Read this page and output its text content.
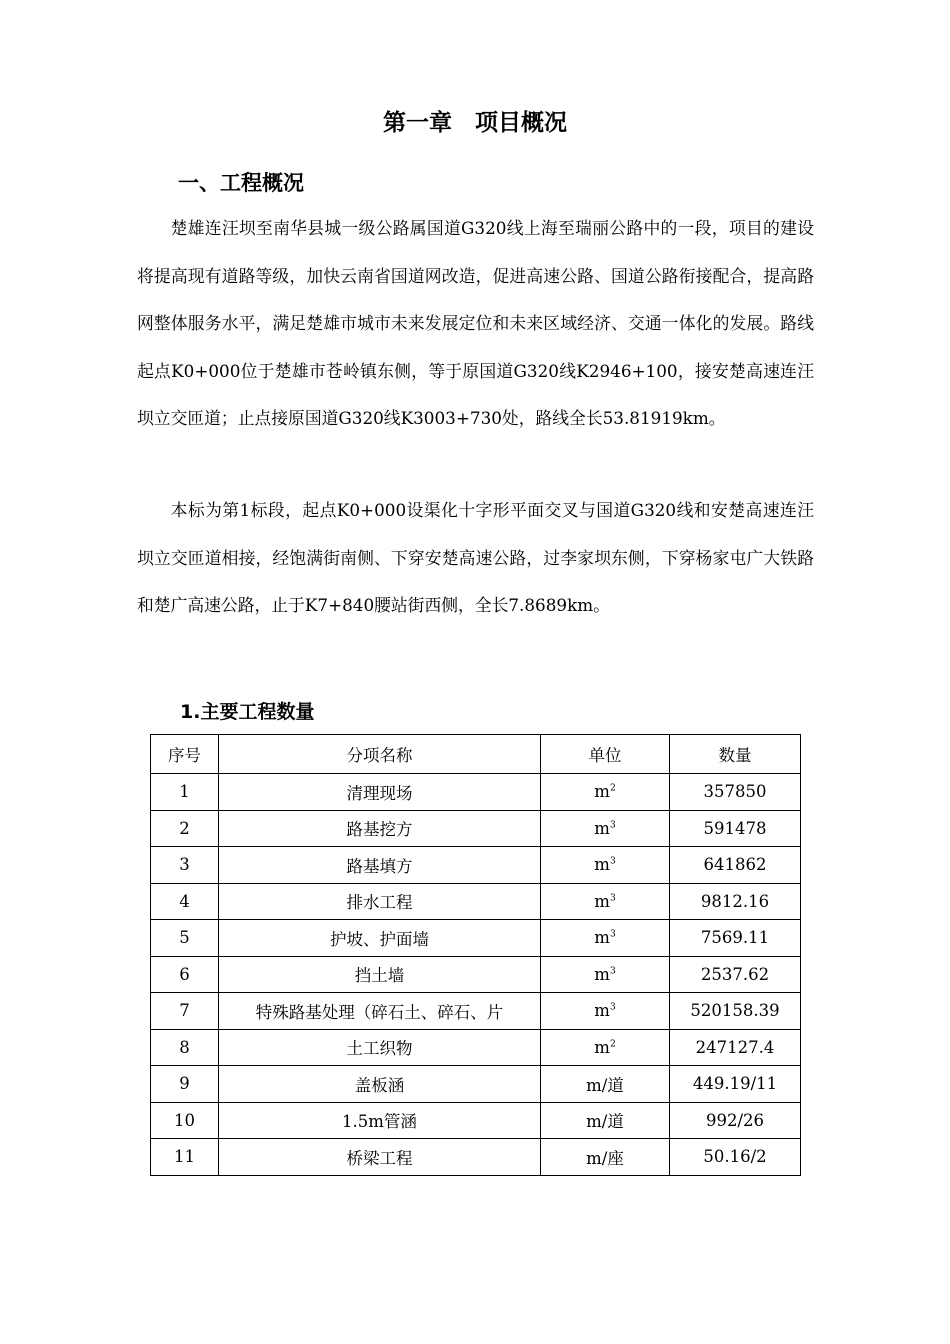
第一章　项目概况
一、工程概况

楚雄连汪坝至南华县城一级公路属国道G320线上海至瑞丽公路中的一段，项目的建设将提高现有道路等级，加快云南省国道网改造，促进高速公路、国道公路衔接配合，提高路网整体服务水平，满足楚雄市城市未来发展定位和未来区域经济、交通一体化的发展。路线起点K0+000位于楚雄市苍岭镇东侧，等于原国道G320线K2946+100，接安楚高速连汪坝立交匝道；止点接原国道G320线K3003+730处，路线全长53.81919km。

本标为第1标段，起点K0+000设渠化十字形平面交叉与国道G320线和安楚高速连汪坝立交匝道相接，经饱满街南侧、下穿安楚高速公路，过李家坝东侧，下穿杨家屯广大铁路和楚广高速公路，止于K7+840腰站街西侧，全长7.8689km。

1.主要工程数量
序号	分项名称	单位	数量
1	清理现场	$m^2$	357850
2	路基挖方	$m^3$	591478
3	路基填方	$m^3$	641862
4	排水工程	$m^3$	9812.16
5	护坡、护面墙	$m^3$	7569.11
6	挡土墙	$m^3$	2537.62
7	特殊路基处理（碎石土、碎石、片	$m^3$	520158.39
8	土工织物	$m^2$	247127.4
9	盖板涵	m/道	449.19/11
10	1.5m管涵	m/道	992/26
11	桥梁工程	m/座	50.16/2
